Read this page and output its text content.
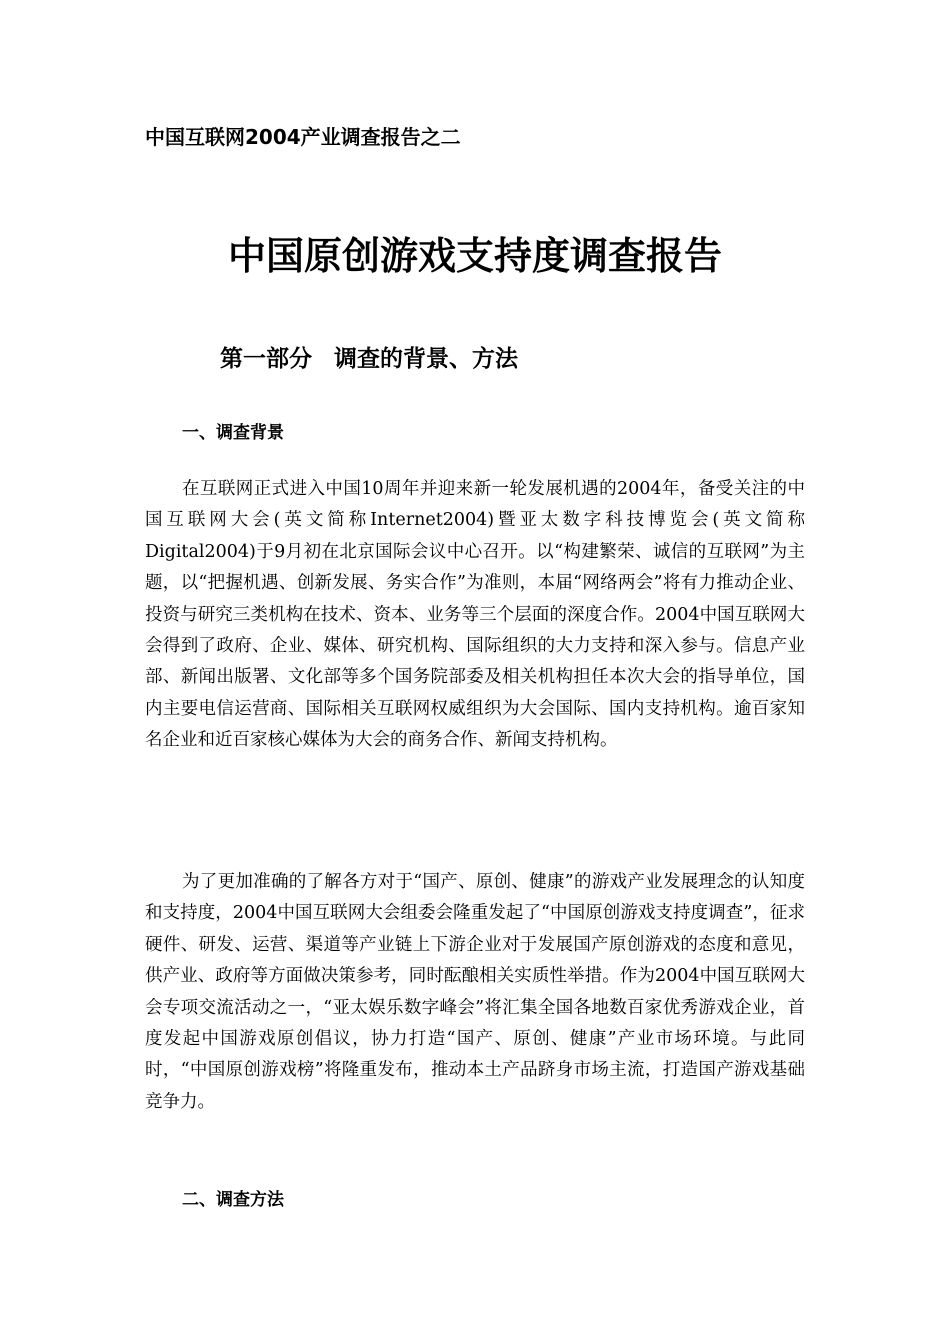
中国互联网2004产业调查报告之二
中国原创游戏支持度调查报告
第一部分 调查的背景、方法
一、调查背景

在互联网正式进入中国10周年并迎来新一轮发展机遇的2004年，备受关注的中国互联网大会(英文简称Internet2004)暨亚太数字科技博览会(英文简称Digital2004)于9月初在北京国际会议中心召开。以“构建繁荣、诚信的互联网”为主题，以“把握机遇、创新发展、务实合作”为准则，本届“网络两会”将有力推动企业、投资与研究三类机构在技术、资本、业务等三个层面的深度合作。2004中国互联网大会得到了政府、企业、媒体、研究机构、国际组织的大力支持和深入参与。信息产业部、新闻出版署、文化部等多个国务院部委及相关机构担任本次大会的指导单位，国内主要电信运营商、国际相关互联网权威组织为大会国际、国内支持机构。逾百家知名企业和近百家核心媒体为大会的商务合作、新闻支持机构。

为了更加准确的了解各方对于“国产、原创、健康”的游戏产业发展理念的认知度和支持度，2004中国互联网大会组委会隆重发起了“中国原创游戏支持度调查”，征求硬件、研发、运营、渠道等产业链上下游企业对于发展国产原创游戏的态度和意见，供产业、政府等方面做决策参考，同时酝酿相关实质性举措。作为2004中国互联网大会专项交流活动之一，“亚太娱乐数字峰会”将汇集全国各地数百家优秀游戏企业，首度发起中国游戏原创倡议，协力打造“国产、原创、健康”产业市场环境。与此同时，“中国原创游戏榜”将隆重发布，推动本土产品跻身市场主流，打造国产游戏基础竞争力。

二、调查方法
